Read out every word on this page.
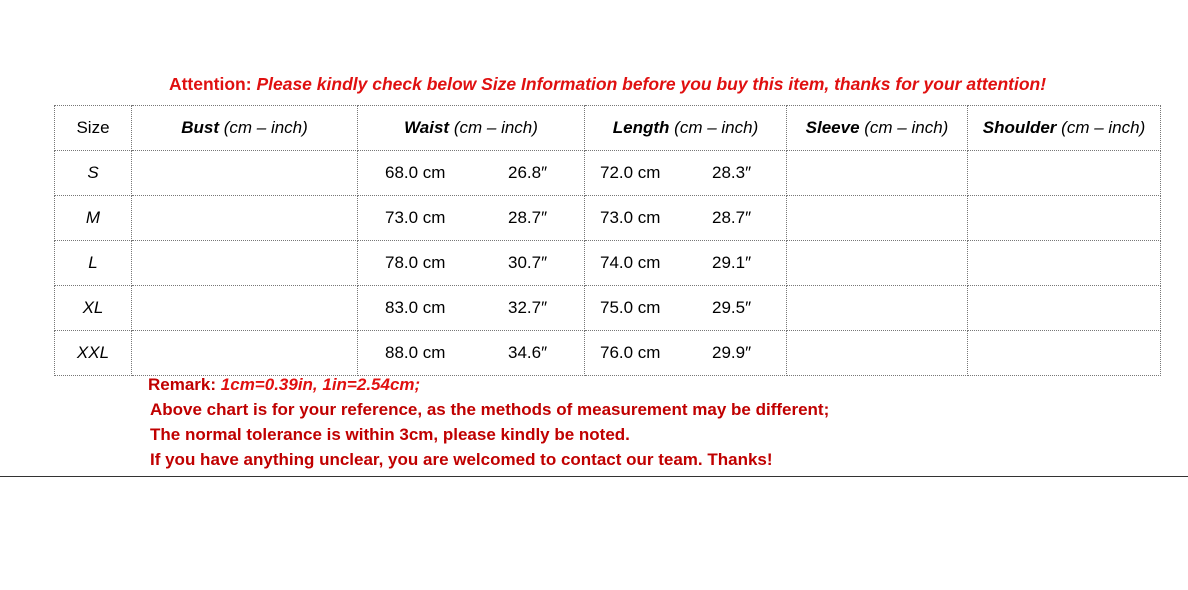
Attention: Please kindly check below Size Information before you buy this item, thanks for your attention!
Size	Bust (cm – inch)	Waist (cm – inch)	Length (cm – inch)	Sleeve (cm – inch)	Shoulder (cm – inch)
S		68.0 cm 26.8″	72.0 cm 28.3″		

M		73.0 cm 28.7″	73.0 cm 28.7″		

L		78.0 cm 30.7″	74.0 cm 29.1″		

XL		83.0 cm 32.7″	75.0 cm 29.5″		

XXL		88.0 cm 34.6″	76.0 cm 29.9″		

Remark: 1cm=0.39in, 1in=2.54cm;
Above chart is for your reference, as the methods of measurement may be different;
The normal tolerance is within 3cm, please kindly be noted.
If you have anything unclear, you are welcomed to contact our team. Thanks!
